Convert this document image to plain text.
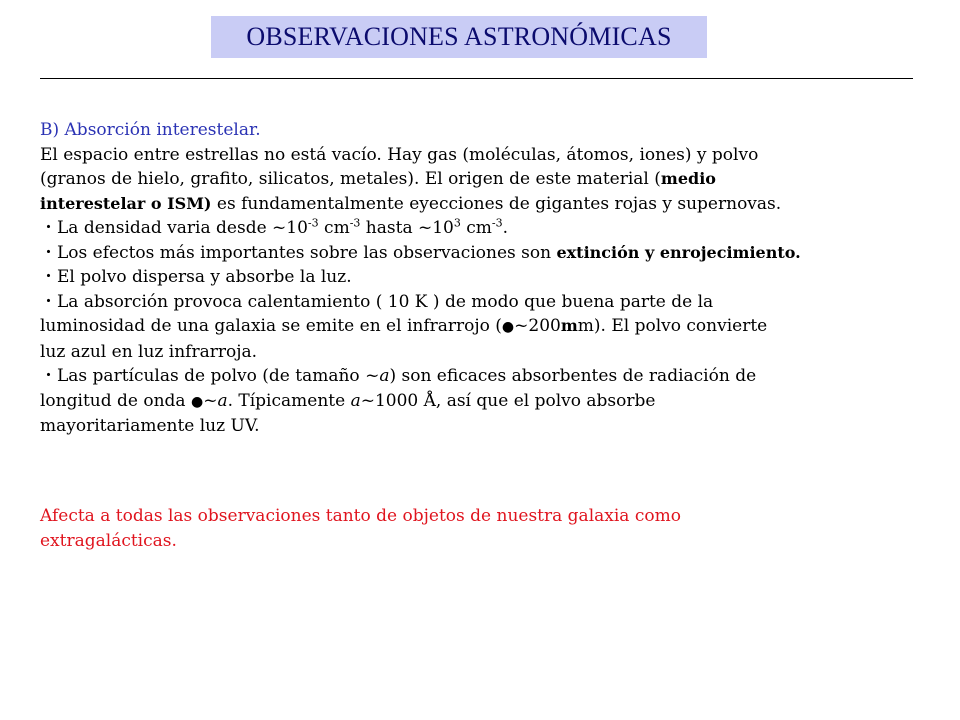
OBSERVACIONES ASTRONÓMICAS
B) Absorción interestelar.
El espacio entre estrellas no está vacío. Hay gas (moléculas, átomos, iones) y polvo
(granos de hielo, grafito, silicatos, metales). El origen de este material (medio
interestelar o ISM) es fundamentalmente eyecciones de gigantes rojas y supernovas.
・La densidad varia desde $\sim 10^{-3}$ $cm^{-3}$ hasta $\sim 10^3$ $cm^{-3}$.
・Los efectos más importantes sobre las observaciones son extinción y enrojecimiento.
・El polvo dispersa y absorbe la luz.
・La absorción provoca calentamiento ( 10 K ) de modo que buena parte de la
luminosidad de una galaxia se emite en el infrarrojo (●~200mm). El polvo convierte
luz azul en luz infrarroja.
・Las partículas de polvo (de tamaño ~a) son eficaces absorbentes de radiación de
longitud de onda ●~a. Típicamente a~1000 Å, así que el polvo absorbe
mayoritariamente luz UV.
Afecta a todas las observaciones tanto de objetos de nuestra galaxia como
extragalácticas.
